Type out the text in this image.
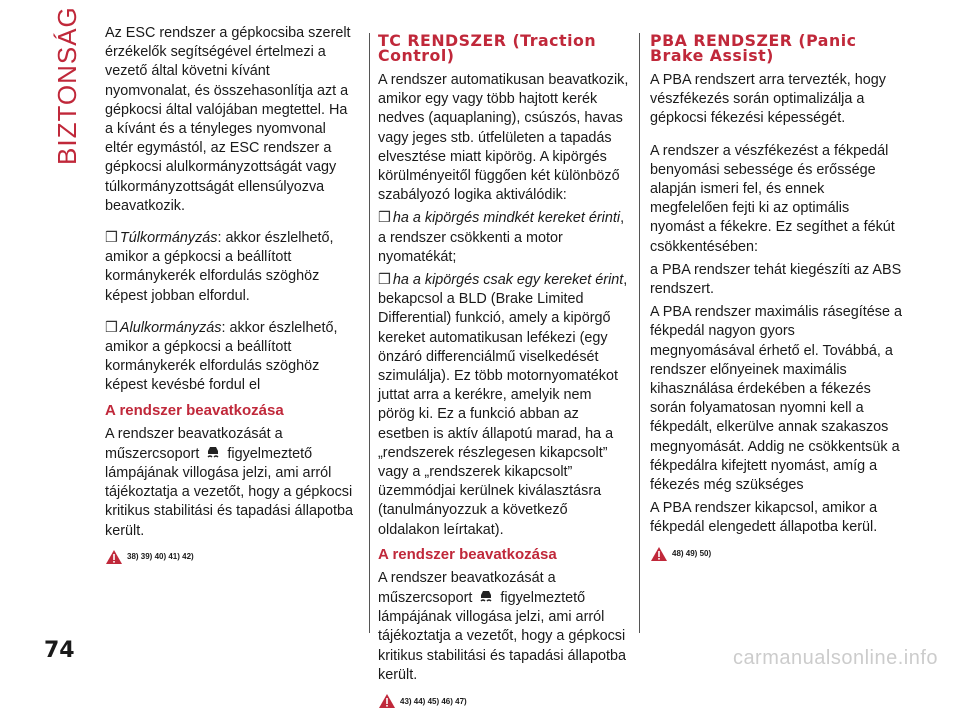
BIZTONSÁG
74

Az ESC rendszer a gépkocsiba szerelt érzékelők segítségével értelmezi a vezető által követni kívánt nyomvonalat, és összehasonlítja azt a gépkocsi által valójában megtettel. Ha a kívánt és a tényleges nyomvonal eltér egymástól, az ESC rendszer a gépkocsi alulkormányzottságát vagy túlkormányzottságát ellensúlyozva beavatkozik.

❒ Túlkormányzás: akkor észlelhető, amikor a gépkocsi a beállított kormánykerék elfordulás szöghöz képest jobban elfordul.

❒ Alulkormányzás: akkor észlelhető, amikor a gépkocsi a beállított kormánykerék elfordulás szöghöz képest kevésbé fordul el

A rendszer beavatkozása

A rendszer beavatkozását a műszercsoport figyelmeztető lámpájának villogása jelzi, ami arról tájékoztatja a vezetőt, hogy a gépkocsi kritikus stabilitási és tapadási állapotba került.

38) 39) 40) 41) 42)
TC RENDSZER (Traction
Control)

A rendszer automatikusan beavatkozik, amikor egy vagy több hajtott kerék nedves (aquaplaning), csúszós, havas vagy jeges stb. útfelületen a tapadás elvesztése miatt kipörög. A kipörgés körülményeitől függően két különböző szabályozó logika aktiválódik:

❒ ha a kipörgés mindkét kereket érinti, a rendszer csökkenti a motor nyomatékát;

❒ ha a kipörgés csak egy kereket érint, bekapcsol a BLD (Brake Limited Differential) funkció, amely a kipörgő kereket automatikusan lefékezi (egy önzáró differenciálmű viselkedését szimulálja). Ez több motornyomatékot juttat arra a kerékre, amelyik nem pörög ki. Ez a funkció abban az esetben is aktív állapotú marad, ha a „rendszerek részlegesen kikapcsolt” vagy a „rendszerek kikapcsolt” üzemmódjai kerülnek kiválasztásra (tanulmányozzuk a következő oldalakon leírtakat).

A rendszer beavatkozása

A rendszer beavatkozását a műszercsoport figyelmeztető lámpájának villogása jelzi, ami arról tájékoztatja a vezetőt, hogy a gépkocsi kritikus stabilitási és tapadási állapotba került.

43) 44) 45) 46) 47)
PBA RENDSZER (Panic
Brake Assist)

A PBA rendszert arra tervezték, hogy vészfékezés során optimalizálja a gépkocsi fékezési képességét.

A rendszer a vészfékezést a fékpedál benyomási sebessége és erőssége alapján ismeri fel, és ennek megfelelően fejti ki az optimális nyomást a fékekre. Ez segíthet a fékút csökkentésében:

a PBA rendszer tehát kiegészíti az ABS rendszert.

A PBA rendszer maximális rásegítése a fékpedál nagyon gyors megnyomásával érhető el. Továbbá, a rendszer előnyeinek maximális kihasználása érdekében a fékezés során folyamatosan nyomni kell a fékpedált, elkerülve annak szakaszos megnyomását. Addig ne csökkentsük a fékpedálra kifejtett nyomást, amíg a fékezés még szükséges

A PBA rendszer kikapcsol, amikor a fékpedál elengedett állapotba kerül.

48) 49) 50)
carmanualsonline.info
